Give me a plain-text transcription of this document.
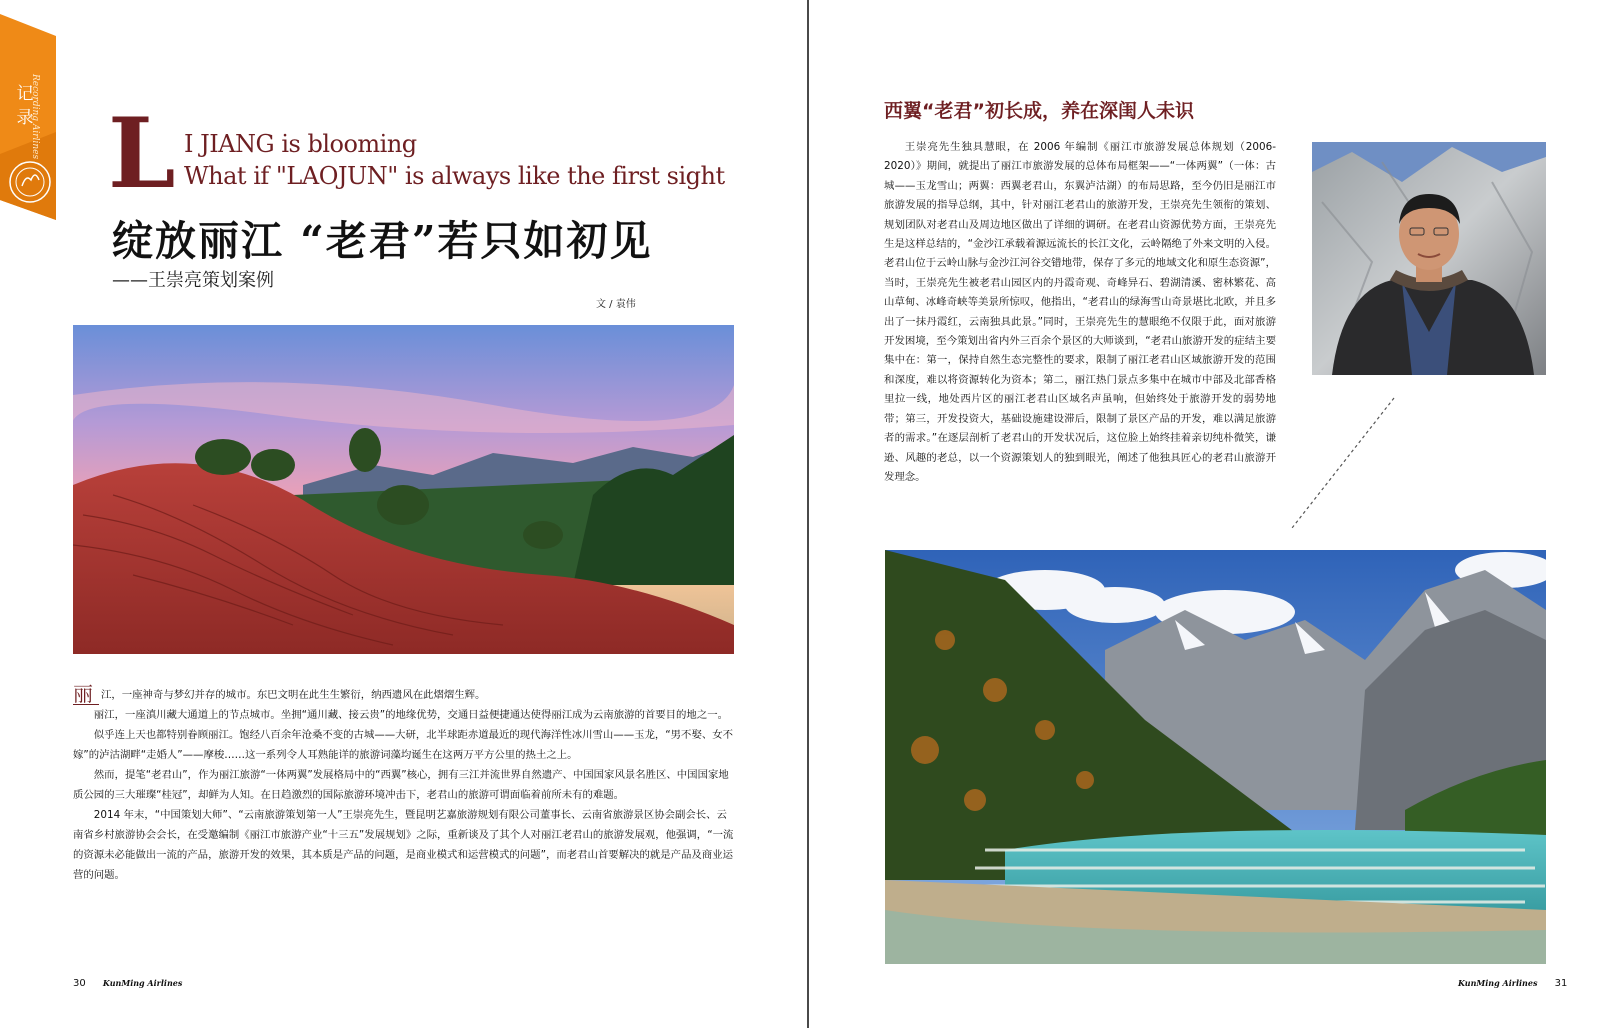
记
录
Recording Airlines L I JIANG is blooming
What if "LAOJUN" is always like the first sight
绽放丽江 “老君”若只如初见
——王崇亮策划案例
文 / 袁伟

丽 江，一座神奇与梦幻并存的城市。东巴文明在此生生繁衍，纳西遗风在此熠熠生辉。

丽江，一座滇川藏大通道上的节点城市。坐拥“通川藏、接云贵”的地缘优势，交通日益便捷通达使得丽江成为云南旅游的首要目的地之一。

似乎连上天也都特别眷顾丽江。饱经八百余年沧桑不变的古城——大研，北半球距赤道最近的现代海洋性冰川雪山——玉龙，“男不娶、女不嫁”的泸沽湖畔“走婚人”——摩梭……这一系列令人耳熟能详的旅游词藻均诞生在这两万平方公里的热土之上。

然而，提笔“老君山”，作为丽江旅游“一体两翼”发展格局中的“西翼”核心，拥有三江并流世界自然遗产、中国国家风景名胜区、中国国家地质公园的三大璀璨“桂冠”，却鲜为人知。在日趋激烈的国际旅游环境冲击下，老君山的旅游可谓面临着前所未有的难题。

2014 年末，“中国策划大师”、“云南旅游策划第一人”王崇亮先生，暨昆明艺嘉旅游规划有限公司董事长、云南省旅游景区协会副会长、云南省乡村旅游协会会长，在受邀编制《丽江市旅游产业“十三五”发展规划》之际，重新谈及了其个人对丽江老君山的旅游发展观，他强调，“一流的资源未必能做出一流的产品，旅游开发的效果，其本质是产品的问题，是商业模式和运营模式的问题”，而老君山首要解决的就是产品及商业运营的问题。

30 KunMing Airlines
西翼“老君”初长成，养在深闺人未识
王崇亮先生独具慧眼，在 2006 年编制《丽江市旅游发展总体规划（2006-2020）》期间，就提出了丽江市旅游发展的总体布局框架——“一体两翼”（一体：古城——玉龙雪山；两翼：西翼老君山，东翼泸沽湖）的布局思路，至今仍旧是丽江市旅游发展的指导总纲，其中，针对丽江老君山的旅游开发，王崇亮先生领衔的策划、规划团队对老君山及周边地区做出了详细的调研。在老君山资源优势方面，王崇亮先生是这样总结的，“金沙江承载着源远流长的长江文化，云岭隔绝了外来文明的入侵。老君山位于云岭山脉与金沙江河谷交错地带，保存了多元的地域文化和原生态资源”，当时，王崇亮先生被老君山园区内的丹霞奇观、奇峰异石、碧湖清溪、密林繁花、高山草甸、冰峰奇峡等美景所惊叹，他指出，“老君山的绿海雪山奇景堪比北欧，并且多出了一抹丹霞红，云南独具此景。”同时，王崇亮先生的慧眼绝不仅限于此，面对旅游开发困境，至今策划出省内外三百余个景区的大师谈到，“老君山旅游开发的症结主要集中在：第一，保持自然生态完整性的要求，限制了丽江老君山区域旅游开发的范围和深度，难以将资源转化为资本；第二，丽江热门景点多集中在城市中部及北部香格里拉一线，地处西片区的丽江老君山区域名声虽响，但始终处于旅游开发的弱势地带；第三，开发投资大，基础设施建设滞后，限制了景区产品的开发，难以满足旅游者的需求。”在逐层剖析了老君山的开发状况后，这位脸上始终挂着亲切纯朴微笑，谦逊、风趣的老总，以一个资源策划人的独到眼光，阐述了他独具匠心的老君山旅游开发理念。
KunMing Airlines 31
